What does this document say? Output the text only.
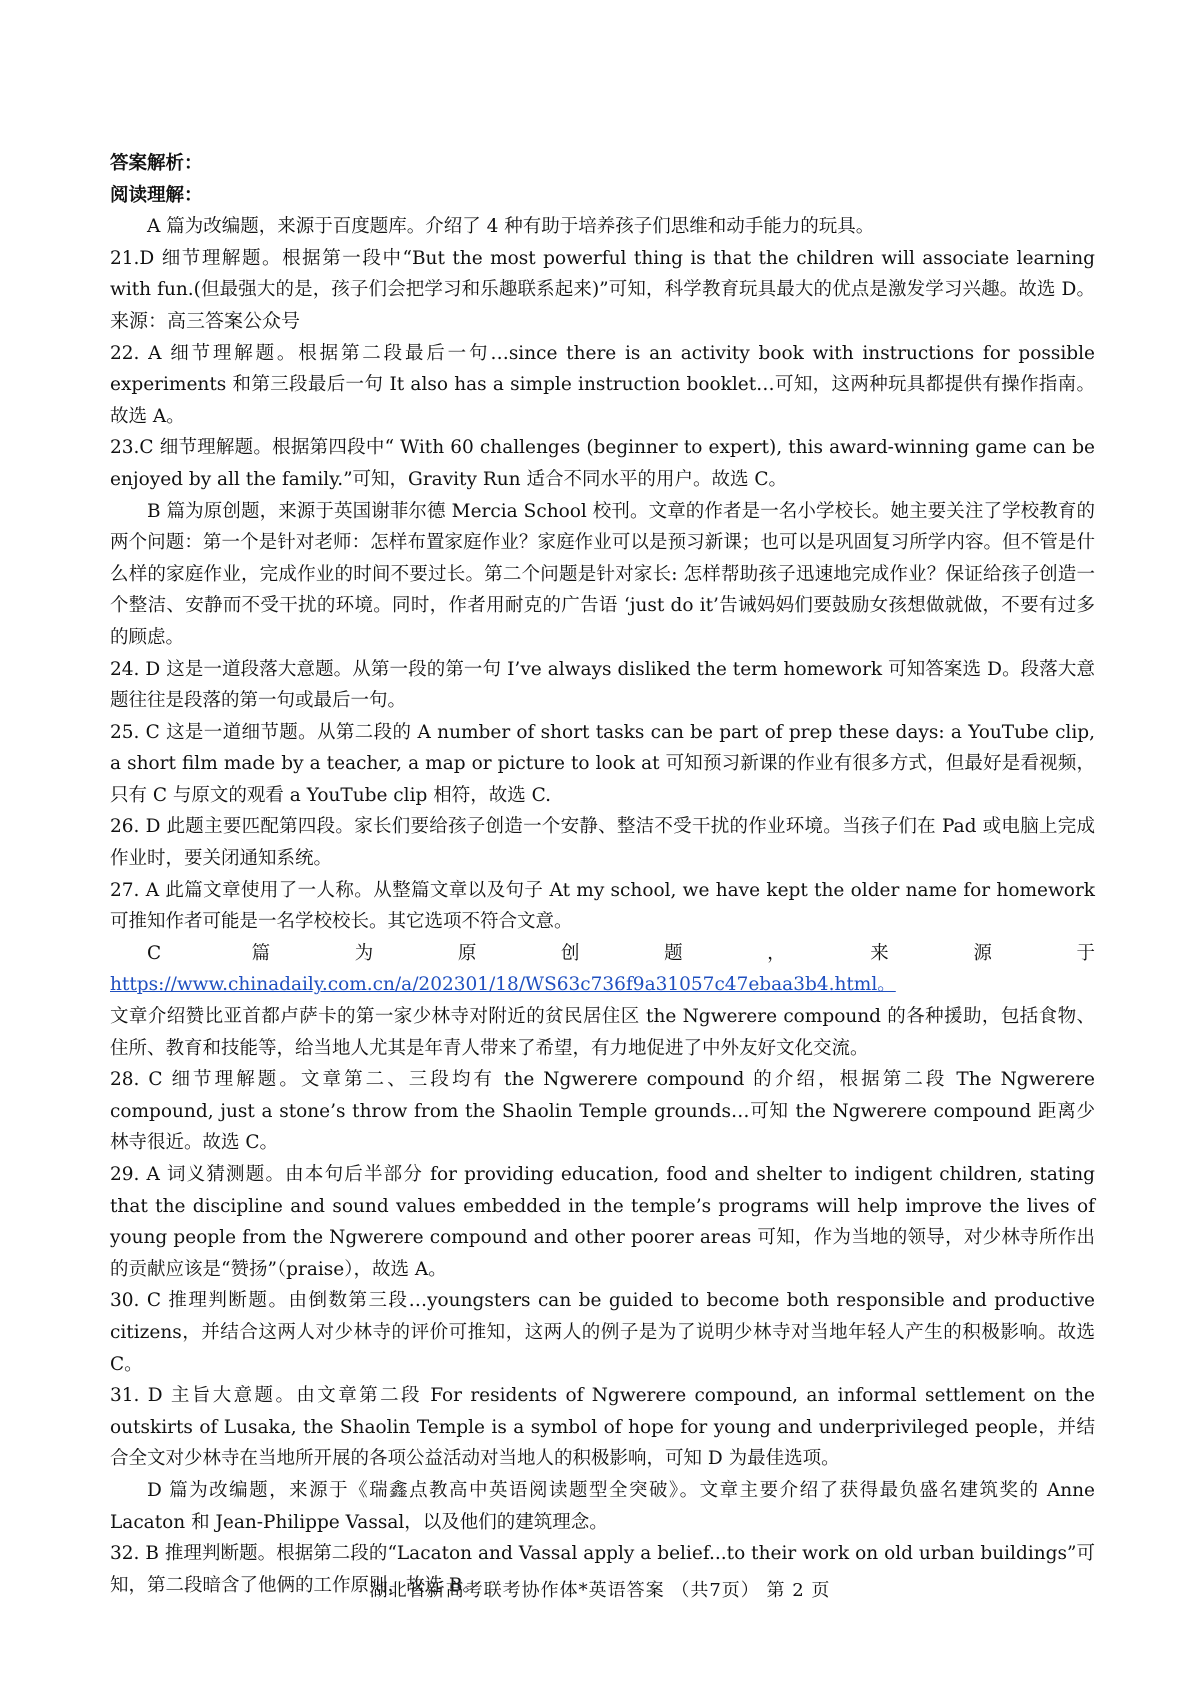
答案解析：

阅读理解：

A 篇为改编题，来源于百度题库。介绍了 4 种有助于培养孩子们思维和动手能力的玩具。

21.D 细节理解题。根据第一段中“But the most powerful thing is that the children will associate learning with fun.(但最强大的是，孩子们会把学习和乐趣联系起来)”可知，科学教育玩具最大的优点是激发学习兴趣。故选 D。来源：高三答案公众号

22. A 细节理解题。根据第二段最后一句…since there is an activity book with instructions for possible experiments 和第三段最后一句 It also has a simple instruction booklet…可知，这两种玩具都提供有操作指南。故选 A。

23.C 细节理解题。根据第四段中“ With 60 challenges (beginner to expert), this award-winning game can be enjoyed by all the family.”可知，Gravity Run 适合不同水平的用户。故选 C。

B 篇为原创题，来源于英国谢菲尔德 Mercia School 校刊。文章的作者是一名小学校长。她主要关注了学校教育的两个问题：第一个是针对老师：怎样布置家庭作业？家庭作业可以是预习新课；也可以是巩固复习所学内容。但不管是什么样的家庭作业，完成作业的时间不要过长。第二个问题是针对家长: 怎样帮助孩子迅速地完成作业？保证给孩子创造一个整洁、安静而不受干扰的环境。同时，作者用耐克的广告语 ‘just do it’告诫妈妈们要鼓励女孩想做就做，不要有过多的顾虑。

24. D 这是一道段落大意题。从第一段的第一句 I’ve always disliked the term homework 可知答案选 D。段落大意题往往是段落的第一句或最后一句。

25. C 这是一道细节题。从第二段的 A number of short tasks can be part of prep these days: a YouTube clip, a short film made by a teacher, a map or picture to look at 可知预习新课的作业有很多方式，但最好是看视频，只有 C 与原文的观看 a YouTube clip 相符，故选 C.

26. D 此题主要匹配第四段。家长们要给孩子创造一个安静、整洁不受干扰的作业环境。当孩子们在 Pad 或电脑上完成作业时，要关闭通知系统。

27. A 此篇文章使用了一人称。从整篇文章以及句子 At my school, we have kept the older name for homework 可推知作者可能是一名学校校长。其它选项不符合文意。

C 篇为原创题，来源于 https://www.chinadaily.com.cn/a/202301/18/WS63c736f9a31057c47ebaa3b4.html。

文章介绍赞比亚首都卢萨卡的第一家少林寺对附近的贫民居住区 the Ngwerere compound 的各种援助，包括食物、住所、教育和技能等，给当地人尤其是年青人带来了希望，有力地促进了中外友好文化交流。

28. C 细节理解题。文章第二、三段均有 the Ngwerere compound 的介绍，根据第二段 The Ngwerere compound, just a stone’s throw from the Shaolin Temple grounds…可知 the Ngwerere compound 距离少林寺很近。故选 C。

29. A 词义猜测题。由本句后半部分 for providing education, food and shelter to indigent children, stating that the discipline and sound values embedded in the temple’s programs will help improve the lives of young people from the Ngwerere compound and other poorer areas 可知，作为当地的领导，对少林寺所作出的贡献应该是“赞扬”（praise），故选 A。

30. C 推理判断题。由倒数第三段…youngsters can be guided to become both responsible and productive citizens，并结合这两人对少林寺的评价可推知，这两人的例子是为了说明少林寺对当地年轻人产生的积极影响。故选 C。

31. D 主旨大意题。由文章第二段 For residents of Ngwerere compound, an informal settlement on the outskirts of Lusaka, the Shaolin Temple is a symbol of hope for young and underprivileged people，并结合全文对少林寺在当地所开展的各项公益活动对当地人的积极影响，可知 D 为最佳选项。

D 篇为改编题，来源于《瑞鑫点教高中英语阅读题型全突破》。文章主要介绍了获得最负盛名建筑奖的 Anne Lacaton 和 Jean-Philippe Vassal，以及他们的建筑理念。

32. B 推理判断题。根据第二段的“Lacaton and Vassal apply a belief...to their work on old urban buildings”可知，第二段暗含了他俩的工作原则，故选 B。

湖北省新高考联考协作体*英语答案 （共7页） 第 2 页
